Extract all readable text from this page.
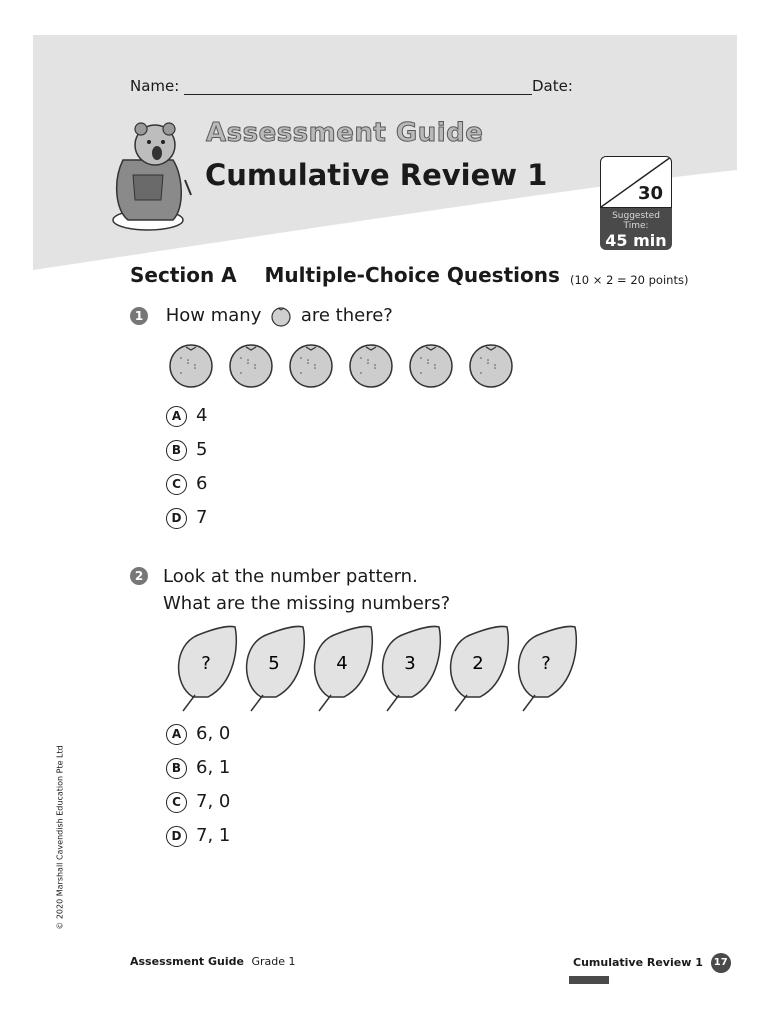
Name:	Date:
Assessment Guide
Cumulative Review 1
30
Suggested Time:
45 min
Section A    Multiple-Choice Questions (10 × 2 = 20 points)
1 How many are there?
A 4
B 5
C 6
D 7
2 Look at the number pattern.
What are the missing numbers?
?	5	4	3	2	?
A 6, 0
B 6, 1
C 7, 0
D 7, 1
© 2020 Marshall Cavendish Education Pte Ltd
Assessment Guide Grade 1	Cumulative Review 1 17
